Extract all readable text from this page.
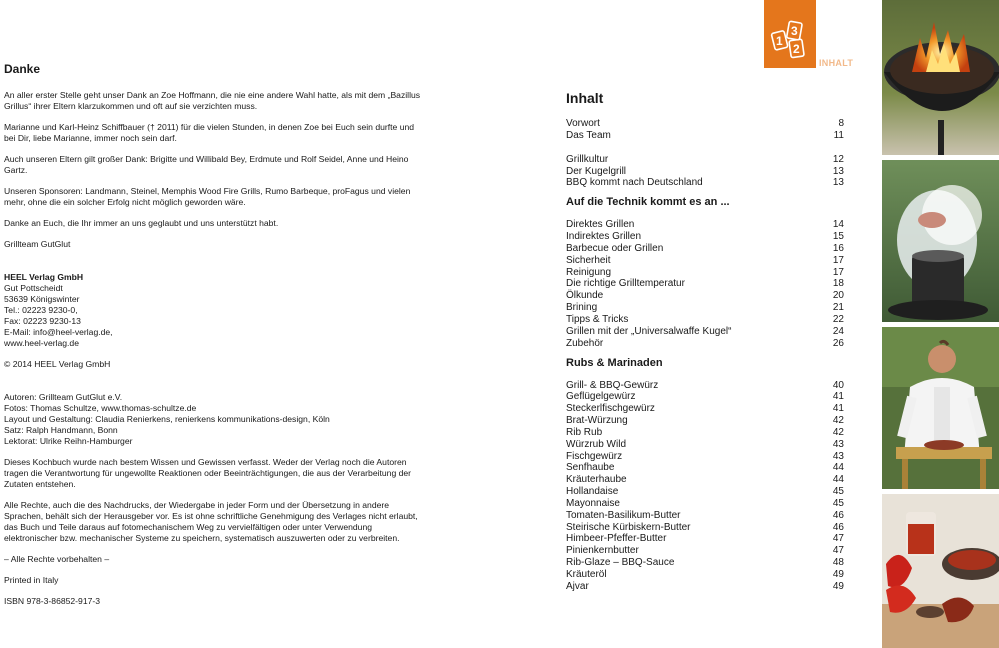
Danke

An aller erster Stelle geht unser Dank an Zoe Hoffmann, die nie eine andere Wahl hatte, als mit dem „Bazillus Grillus“ ihrer Eltern klarzukommen und oft auf sie verzichten muss.

Marianne und Karl-Heinz Schiffbauer († 2011) für die vielen Stunden, in denen Zoe bei Euch sein durfte und bei Dir, liebe Marianne, immer noch sein darf.

Auch unseren Eltern gilt großer Dank: Brigitte und Willibald Bey, Erdmute und Rolf Seidel, Anne und Heino Gartz.

Unseren Sponsoren: Landmann, Steinel, Memphis Wood Fire Grills, Rumo Barbeque, proFagus und vielen mehr, ohne die ein solcher Erfolg nicht möglich geworden wäre.

Danke an Euch, die Ihr immer an uns geglaubt und uns unterstützt habt.

Grillteam GutGlut

HEEL Verlag GmbH
Gut Pottscheidt
53639 Königswinter
Tel.: 02223 9230-0,
Fax: 02223 9230-13
E-Mail: info@heel-verlag.de,
www.heel-verlag.de

© 2014 HEEL Verlag GmbH

Autoren: Grillteam GutGlut e.V.
Fotos: Thomas Schultze, www.thomas-schultze.de
Layout und Gestaltung: Claudia Renierkens, renierkens kommunikations-design, Köln
Satz: Ralph Handmann, Bonn
Lektorat: Ulrike Reihn-Hamburger

Dieses Kochbuch wurde nach bestem Wissen und Gewissen verfasst. Weder der Verlag noch die Autoren tragen die Verantwortung für ungewollte Reaktionen oder Beeinträchtigungen, die aus der Verarbeitung der Zutaten entstehen.

Alle Rechte, auch die des Nachdrucks, der Wiedergabe in jeder Form und der Übersetzung in andere Sprachen, behält sich der Herausgeber vor. Es ist ohne schriftliche Genehmigung des Verlages nicht erlaubt, das Buch und Teile daraus auf fotomechanischem Weg zu vervielfältigen oder unter Verwendung elektronischer bzw. mechanischer Systeme zu speichern, systematisch auszuwerten oder zu verbreiten.

– Alle Rechte vorbehalten –

Printed in Italy

ISBN 978-3-86852-917-3

1
3
2
INHALT
Inhalt
Vorwort	8
Das Team	11
Grillkultur	12
Der Kugelgrill	13
BBQ kommt nach Deutschland	13
Auf die Technik kommt es an ...
Direktes Grillen	14
Indirektes Grillen	15
Barbecue oder Grillen	16
Sicherheit	17
Reinigung	17
Die richtige Grilltemperatur	18
Ölkunde	20
Brining	21
Tipps & Tricks	22
Grillen mit der „Universalwaffe Kugel“	24
Zubehör	26
Rubs & Marinaden
Grill- & BBQ-Gewürz	40
Geflügelgewürz	41
Steckerlfischgewürz	41
Brat-Würzung	42
Rib Rub	42
Würzrub Wild	43
Fischgewürz	43
Senfhaube	44
Kräuterhaube	44
Hollandaise	45
Mayonnaise	45
Tomaten-Basilikum-Butter	46
Steirische Kürbiskern-Butter	46
Himbeer-Pfeffer-Butter	47
Pinienkernbutter	47
Rib-Glaze – BBQ-Sauce	48
Kräuteröl	49
Ajvar	49
